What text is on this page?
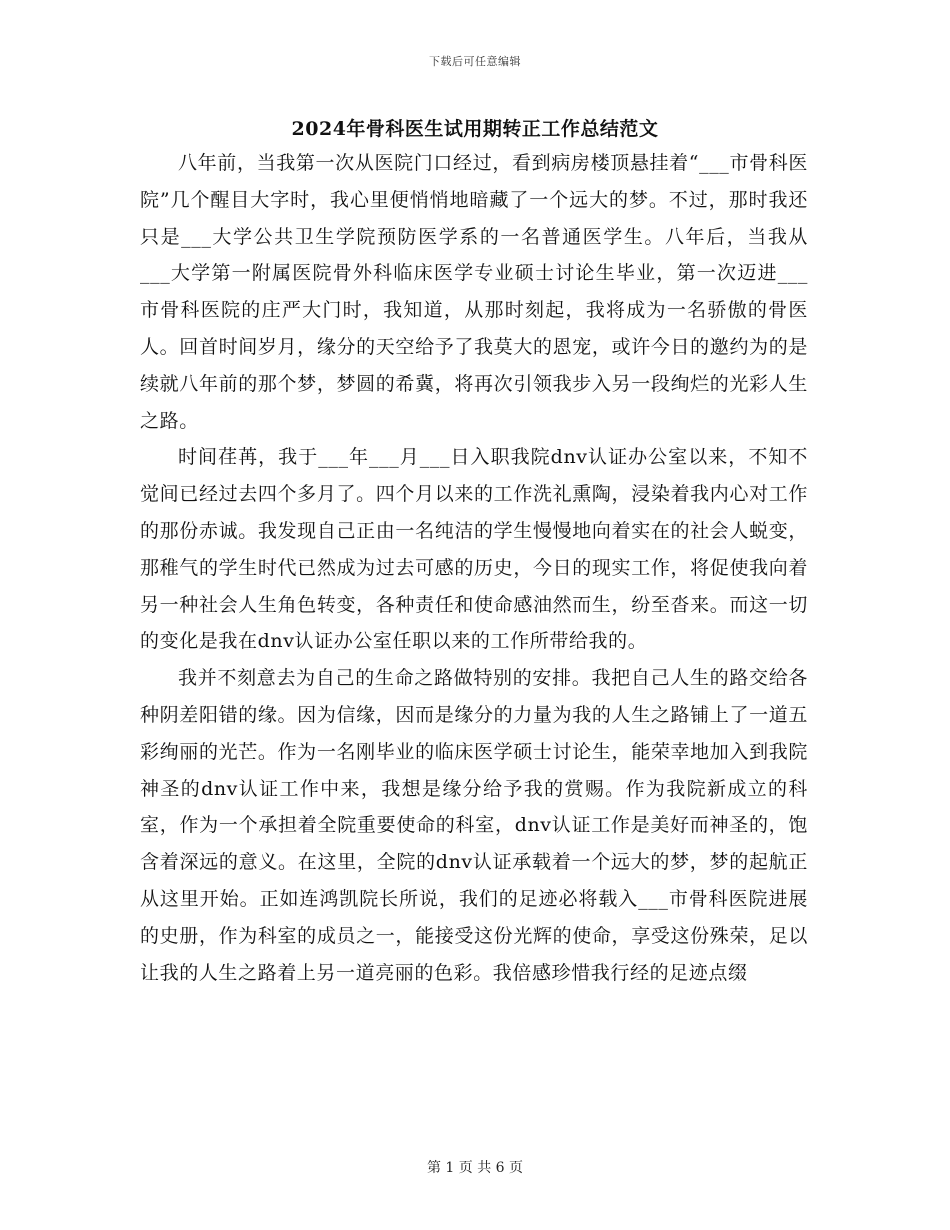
下载后可任意编辑
2024年骨科医生试用期转正工作总结范文

八年前，当我第一次从医院门口经过，看到病房楼顶悬挂着“___市骨科医院”几个醒目大字时，我心里便悄悄地暗藏了一个远大的梦。不过，那时我还只是___大学公共卫生学院预防医学系的一名普通医学生。八年后，当我从___大学第一附属医院骨外科临床医学专业硕士讨论生毕业，第一次迈进___市骨科医院的庄严大门时，我知道，从那时刻起，我将成为一名骄傲的骨医人。回首时间岁月，缘分的天空给予了我莫大的恩宠，或许今日的邀约为的是续就八年前的那个梦，梦圆的希冀，将再次引领我步入另一段绚烂的光彩人生之路。

时间荏苒，我于___年___月___日入职我院dnv认证办公室以来，不知不觉间已经过去四个多月了。四个月以来的工作洗礼熏陶，浸染着我内心对工作的那份赤诚。我发现自己正由一名纯洁的学生慢慢地向着实在的社会人蜕变，那稚气的学生时代已然成为过去可感的历史，今日的现实工作，将促使我向着另一种社会人生角色转变，各种责任和使命感油然而生，纷至沓来。而这一切的变化是我在dnv认证办公室任职以来的工作所带给我的。

我并不刻意去为自己的生命之路做特别的安排。我把自己人生的路交给各种阴差阳错的缘。因为信缘，因而是缘分的力量为我的人生之路铺上了一道五彩绚丽的光芒。作为一名刚毕业的临床医学硕士讨论生，能荣幸地加入到我院神圣的dnv认证工作中来，我想是缘分给予我的赏赐。作为我院新成立的科室，作为一个承担着全院重要使命的科室，dnv认证工作是美好而神圣的，饱含着深远的意义。在这里，全院的dnv认证承载着一个远大的梦，梦的起航正从这里开始。正如连鸿凯院长所说，我们的足迹必将载入___市骨科医院进展的史册，作为科室的成员之一，能接受这份光辉的使命，享受这份殊荣，足以让我的人生之路着上另一道亮丽的色彩。我倍感珍惜我行经的足迹点缀

第 1 页 共 6 页
